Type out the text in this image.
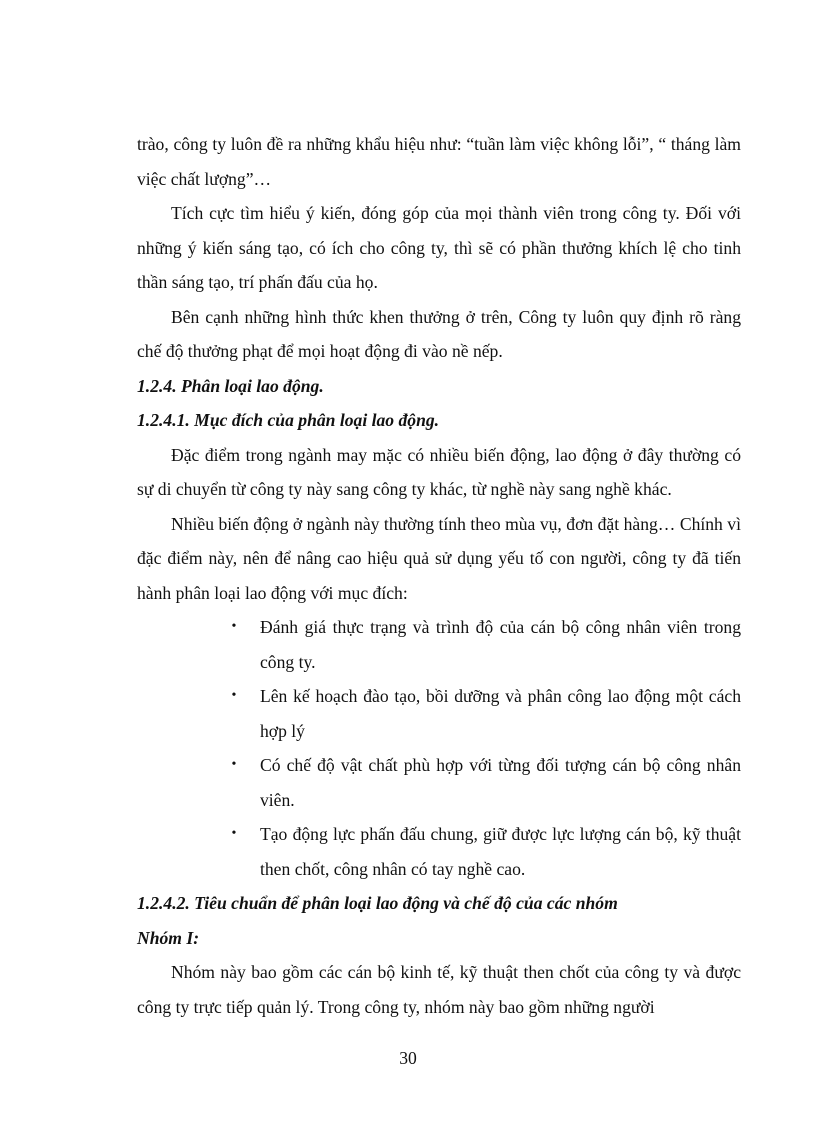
trào, công ty luôn đề ra những khẩu hiệu như: “tuần làm việc không lỗi”, “ tháng làm việc chất lượng”…

Tích cực tìm hiểu ý kiến, đóng góp của mọi thành viên trong công ty. Đối với những ý kiến sáng tạo, có ích cho công ty, thì sẽ có phần thưởng khích lệ cho tinh thần sáng tạo, trí phấn đấu của họ.

Bên cạnh những hình thức khen thưởng ở trên, Công ty luôn quy định rõ ràng chế độ thưởng phạt để mọi hoạt động đi vào nề nếp.

1.2.4. Phân loại lao động.

1.2.4.1. Mục đích của phân loại lao động.

Đặc điểm trong ngành may mặc có nhiều biến động, lao động ở đây thường có sự di chuyển từ công ty này sang công ty khác, từ nghề này sang nghề khác.

Nhiều biến động ở ngành này thường tính theo mùa vụ, đơn đặt hàng… Chính vì đặc điểm này, nên để nâng cao hiệu quả sử dụng yếu tố con người, công ty đã tiến hành phân loại lao động với mục đích:

• Đánh giá thực trạng và trình độ của cán bộ công nhân viên trong công ty.
• Lên kế hoạch đào tạo, bồi dưỡng và phân công lao động một cách hợp lý
• Có chế độ vật chất phù hợp với từng đối tượng cán bộ công nhân viên.
• Tạo động lực phấn đấu chung, giữ được lực lượng cán bộ, kỹ thuật then chốt, công nhân có tay nghề cao.

1.2.4.2. Tiêu chuẩn để phân loại lao động và chế độ của các nhóm

Nhóm I:

Nhóm này bao gồm các cán bộ kinh tế, kỹ thuật then chốt của công ty và được công ty trực tiếp quản lý. Trong công ty, nhóm này bao gồm những người

30
